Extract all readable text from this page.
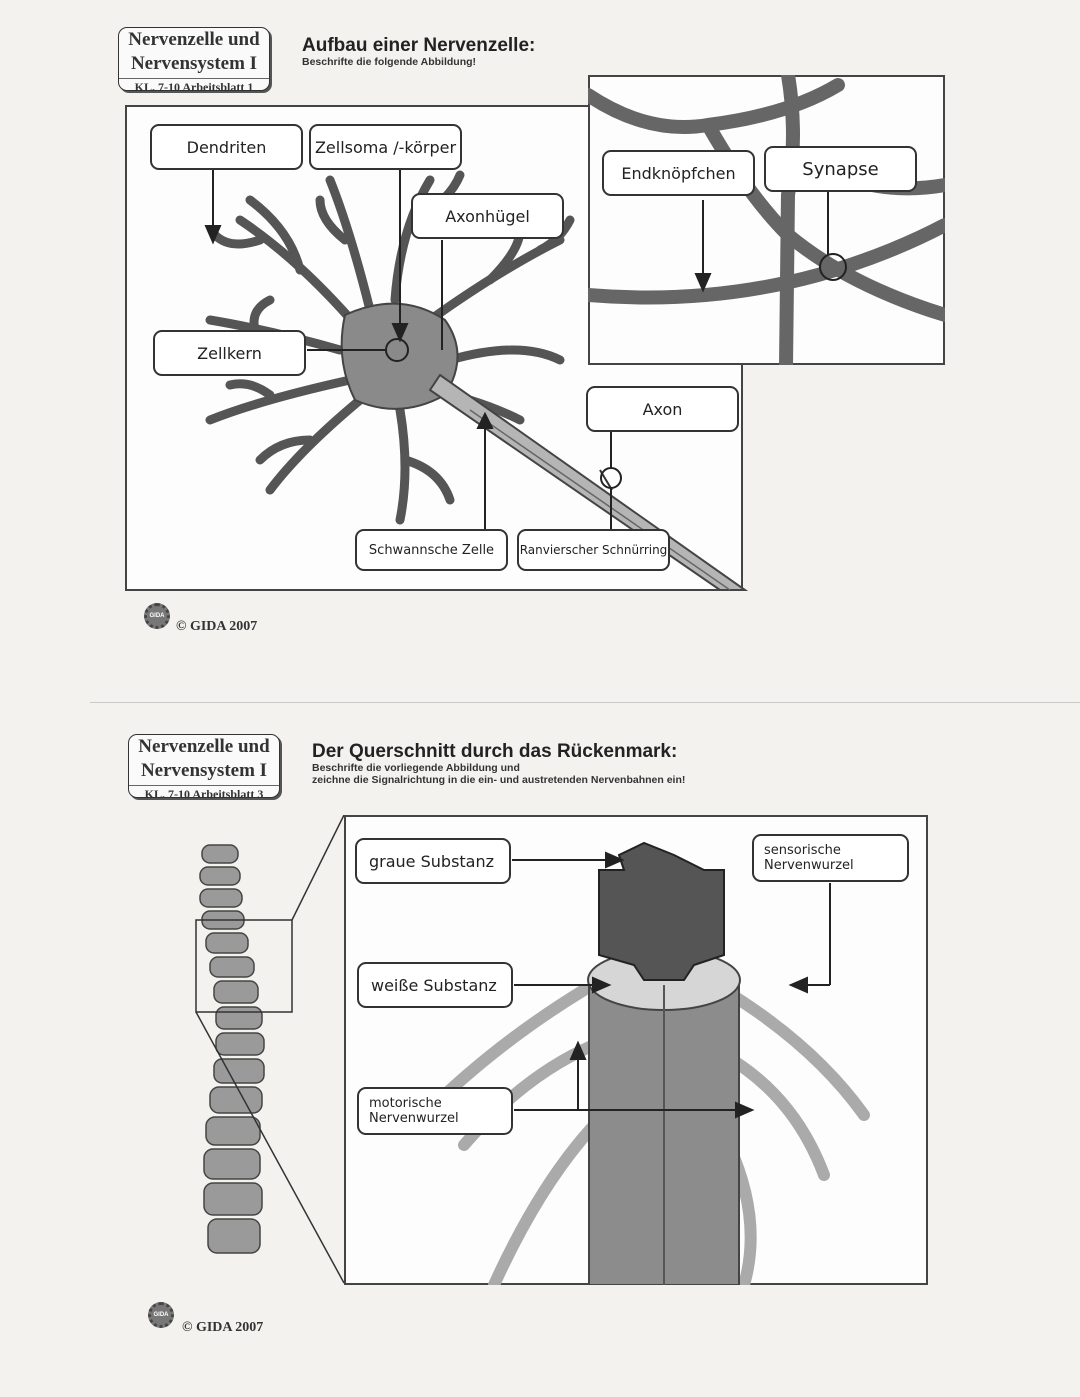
Nervenzelle und
Nervensystem I
KL. 7-10 Arbeitsblatt 1
Aufbau einer Nervenzelle:
Beschrifte die folgende Abbildung!
Dendriten	Zellsoma /-körper
Axonhügel
Zellkern
Axon
Schwannsche Zelle	Ranvierscher Schnürring
Endknöpfchen	Synapse
GIDA
© GIDA 2007
Nervenzelle und
Nervensystem I
KL. 7-10 Arbeitsblatt 3
Der Querschnitt durch das Rückenmark:
Beschrifte die vorliegende Abbildung und
zeichne die Signalrichtung in die ein- und austretenden Nervenbahnen ein!
graue Substanz
weiße Substanz
motorische
Nervenwurzel
sensorische
Nervenwurzel
GIDA
© GIDA 2007
